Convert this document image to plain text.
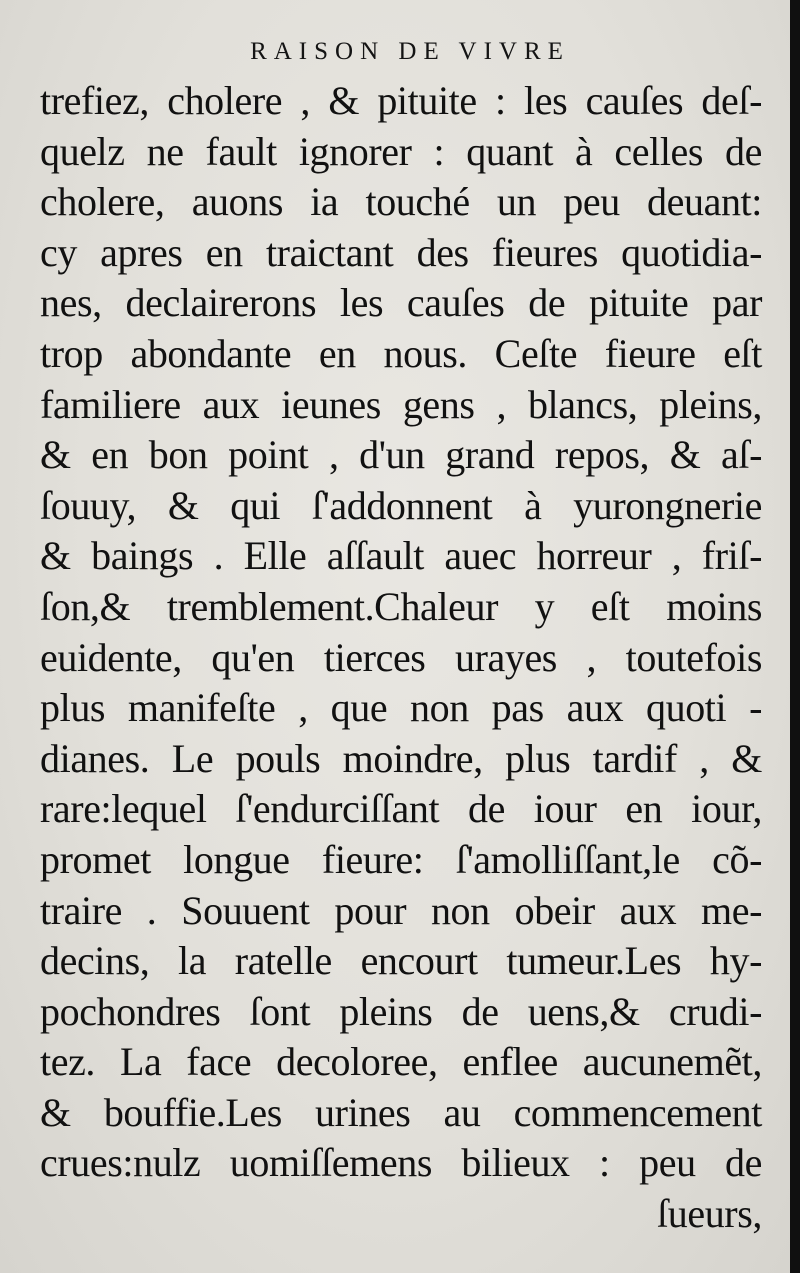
RAISON DE VIVRE
trefiez, cholere , & pituite : les cauſes deſ-
quelz ne fault ignorer : quant à celles de
cholere, auons ia touché un peu deuant:
cy apres en traictant des fieures quotidia-
nes, declairerons les cauſes de pituite par
trop abondante en nous. Ceſte fieure eſt
familiere aux ieunes gens , blancs, pleins,
& en bon point , d'un grand repos, & aſ-
ſouuy, & qui ſ'addonnent à yurongnerie
& baings . Elle aſſault auec horreur , friſ-
ſon,& tremblement.Chaleur y eſt moins
euidente, qu'en tierces urayes , toutefois
plus manifeſte , que non pas aux quoti -
dianes. Le pouls moindre, plus tardif , &
rare:lequel ſ'endurciſſant de iour en iour,
promet longue fieure: ſ'amolliſſant,le cõ-
traire . Souuent pour non obeir aux me-
decins, la ratelle encourt tumeur.Les hy-
pochondres ſont pleins de uens,& crudi-
tez. La face decoloree, enflee aucunemẽt,
& bouffie.Les urines au commencement
crues:nulz uomiſſemens bilieux : peu de
ſueurs,
